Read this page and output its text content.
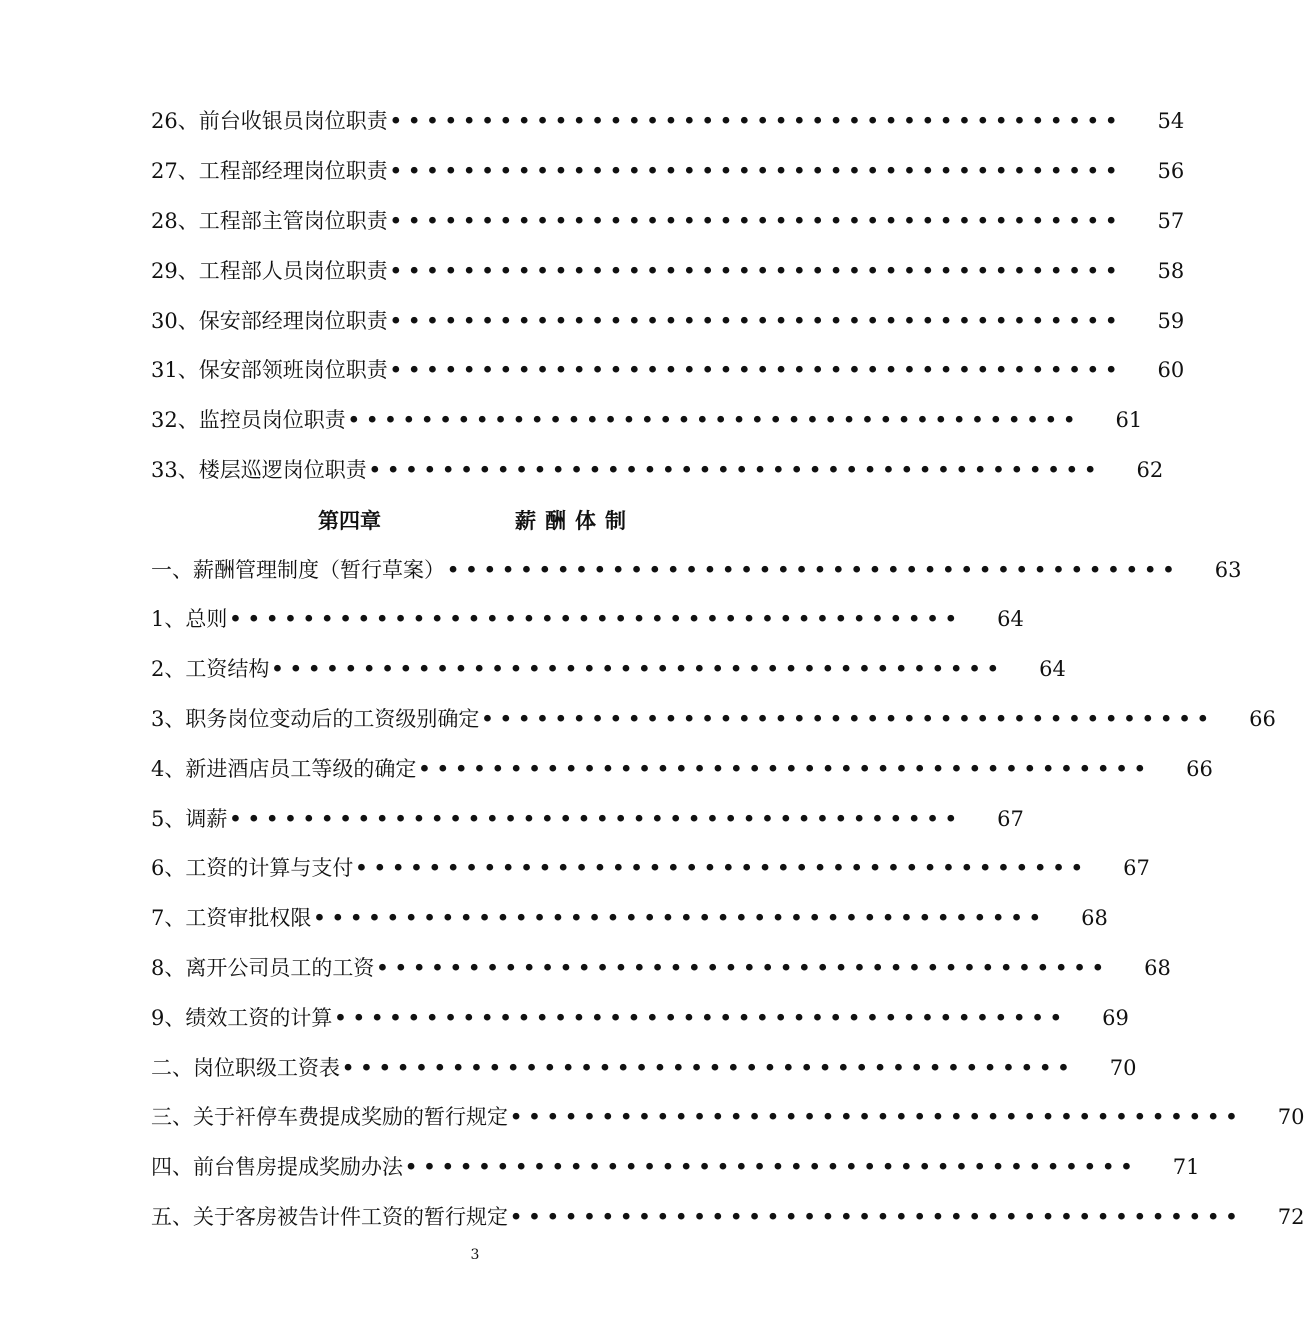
26、前台收银员岗位职责 ••••••••••••••••••••••••••••••••••••••••	54
27、工程部经理岗位职责 ••••••••••••••••••••••••••••••••••••••••	56
28、工程部主管岗位职责 ••••••••••••••••••••••••••••••••••••••••	57
29、工程部人员岗位职责 ••••••••••••••••••••••••••••••••••••••••	58
30、保安部经理岗位职责 ••••••••••••••••••••••••••••••••••••••••	59
31、保安部领班岗位职责 ••••••••••••••••••••••••••••••••••••••••	60
32、监控员岗位职责 ••••••••••••••••••••••••••••••••••••••••	61
33、楼层巡逻岗位职责 ••••••••••••••••••••••••••••••••••••••••	62
第四章	薪酬体制
一、薪酬管理制度（暂行草案） ••••••••••••••••••••••••••••••••••••••••	63
1、总则 ••••••••••••••••••••••••••••••••••••••••	64
2、工资结构 ••••••••••••••••••••••••••••••••••••••••	64
3、职务岗位变动后的工资级别确定 ••••••••••••••••••••••••••••••••••••••••	66
4、新进酒店员工等级的确定 ••••••••••••••••••••••••••••••••••••••••	66
5、调薪 ••••••••••••••••••••••••••••••••••••••••	67
6、工资的计算与支付 ••••••••••••••••••••••••••••••••••••••••	67
7、工资审批权限 ••••••••••••••••••••••••••••••••••••••••	68
8、离开公司员工的工资 ••••••••••••••••••••••••••••••••••••••••	68
9、绩效工资的计算 ••••••••••••••••••••••••••••••••••••••••	69
二、岗位职级工资表 ••••••••••••••••••••••••••••••••••••••••	70
三、关于衦停车费提成奖励的暂行规定 ••••••••••••••••••••••••••••••••••••••••	70
四、前台售房提成奖励办法 ••••••••••••••••••••••••••••••••••••••••	71
五、关于客房被告计件工资的暂行规定 ••••••••••••••••••••••••••••••••••••••••	72
3
